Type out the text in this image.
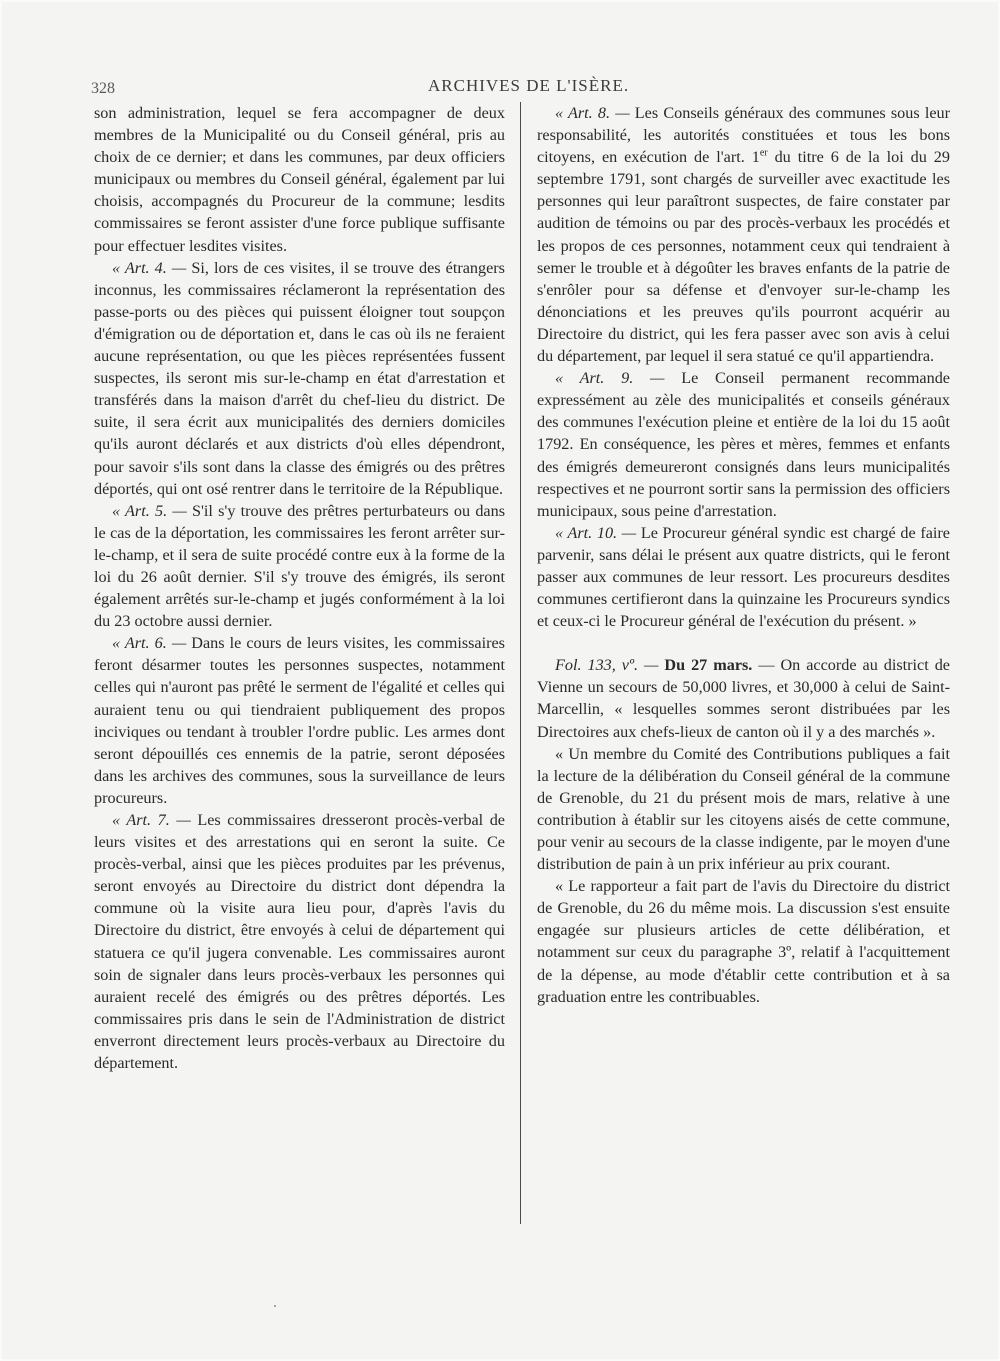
328	ARCHIVES DE L'ISÈRE.

son administration, lequel se fera accompagner de deux membres de la Municipalité ou du Conseil général, pris au choix de ce dernier; et dans les communes, par deux officiers municipaux ou membres du Conseil général, également par lui choisis, accompagnés du Procureur de la commune; lesdits commissaires se feront assister d'une force publique suffisante pour effectuer lesdites visites.

« Art. 4. — Si, lors de ces visites, il se trouve des étrangers inconnus, les commissaires réclameront la représentation des passe-ports ou des pièces qui puissent éloigner tout soupçon d'émigration ou de déportation et, dans le cas où ils ne feraient aucune représentation, ou que les pièces représentées fussent suspectes, ils seront mis sur-le-champ en état d'arrestation et transférés dans la maison d'arrêt du chef-lieu du district. De suite, il sera écrit aux municipalités des derniers domiciles qu'ils auront déclarés et aux districts d'où elles dépendront, pour savoir s'ils sont dans la classe des émigrés ou des prêtres déportés, qui ont osé rentrer dans le territoire de la République.

« Art. 5. — S'il s'y trouve des prêtres perturbateurs ou dans le cas de la déportation, les commissaires les feront arrêter sur-le-champ, et il sera de suite procédé contre eux à la forme de la loi du 26 août dernier. S'il s'y trouve des émigrés, ils seront également arrêtés sur-le-champ et jugés conformément à la loi du 23 octobre aussi dernier.

« Art. 6. — Dans le cours de leurs visites, les commissaires feront désarmer toutes les personnes suspectes, notamment celles qui n'auront pas prêté le serment de l'égalité et celles qui auraient tenu ou qui tiendraient publiquement des propos inciviques ou tendant à troubler l'ordre public. Les armes dont seront dépouillés ces ennemis de la patrie, seront déposées dans les archives des communes, sous la surveillance de leurs procureurs.

« Art. 7. — Les commissaires dresseront procès-verbal de leurs visites et des arrestations qui en seront la suite. Ce procès-verbal, ainsi que les pièces produites par les prévenus, seront envoyés au Directoire du district dont dépendra la commune où la visite aura lieu pour, d'après l'avis du Directoire du district, être envoyés à celui de département qui statuera ce qu'il jugera convenable. Les commissaires auront soin de signaler dans leurs procès-verbaux les personnes qui auraient recelé des émigrés ou des prêtres déportés. Les commissaires pris dans le sein de l'Administration de district enverront directement leurs procès-verbaux au Directoire du département.

« Art. 8. — Les Conseils généraux des communes sous leur responsabilité, les autorités constituées et tous les bons citoyens, en exécution de l'art. 1er du titre 6 de la loi du 29 septembre 1791, sont chargés de surveiller avec exactitude les personnes qui leur paraîtront suspectes, de faire constater par audition de témoins ou par des procès-verbaux les procédés et les propos de ces personnes, notamment ceux qui tendraient à semer le trouble et à dégoûter les braves enfants de la patrie de s'enrôler pour sa défense et d'envoyer sur-le-champ les dénonciations et les preuves qu'ils pourront acquérir au Directoire du district, qui les fera passer avec son avis à celui du département, par lequel il sera statué ce qu'il appartiendra.

« Art. 9. — Le Conseil permanent recommande expressément au zèle des municipalités et conseils généraux des communes l'exécution pleine et entière de la loi du 15 août 1792. En conséquence, les pères et mères, femmes et enfants des émigrés demeureront consignés dans leurs municipalités respectives et ne pourront sortir sans la permission des officiers municipaux, sous peine d'arrestation.

« Art. 10. — Le Procureur général syndic est chargé de faire parvenir, sans délai le présent aux quatre districts, qui le feront passer aux communes de leur ressort. Les procureurs desdites communes certifieront dans la quinzaine les Procureurs syndics et ceux-ci le Procureur général de l'exécution du présent. »

Fol. 133, vº. — Du 27 mars. — On accorde au district de Vienne un secours de 50,000 livres, et 30,000 à celui de Saint-Marcellin, « lesquelles sommes seront distribuées par les Directoires aux chefs-lieux de canton où il y a des marchés ».

« Un membre du Comité des Contributions publiques a fait la lecture de la délibération du Conseil général de la commune de Grenoble, du 21 du présent mois de mars, relative à une contribution à établir sur les citoyens aisés de cette commune, pour venir au secours de la classe indigente, par le moyen d'une distribution de pain à un prix inférieur au prix courant.

« Le rapporteur a fait part de l'avis du Directoire du district de Grenoble, du 26 du même mois. La discussion s'est ensuite engagée sur plusieurs articles de cette délibération, et notamment sur ceux du paragraphe 3º, relatif à l'acquittement de la dépense, au mode d'établir cette contribution et à sa graduation entre les contribuables.
